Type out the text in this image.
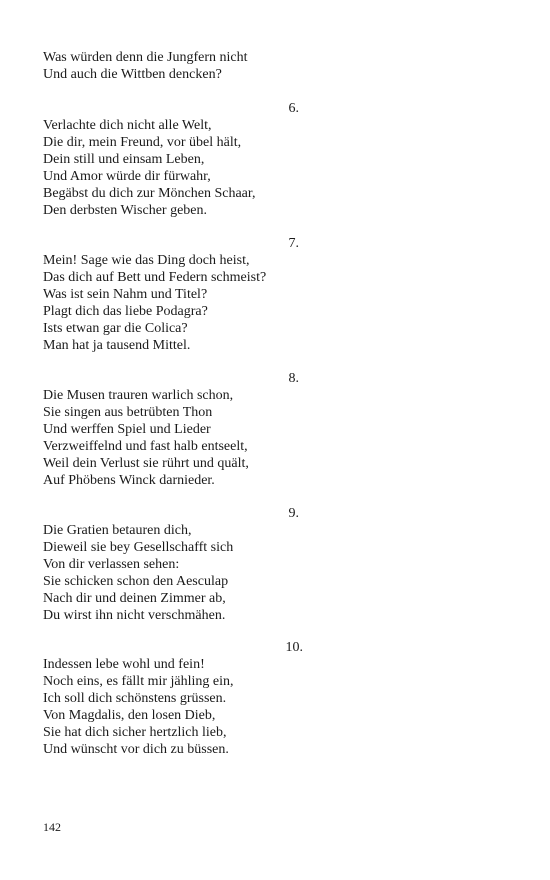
Was würden denn die Jungfern nicht
Und auch die Wittben dencken?
6.
Verlachte dich nicht alle Welt,
Die dir, mein Freund, vor übel hält,
Dein still und einsam Leben,
Und Amor würde dir fürwahr,
Begäbst du dich zur Mönchen Schaar,
Den derbsten Wischer geben.
7.
Mein! Sage wie das Ding doch heist,
Das dich auf Bett und Federn schmeist?
Was ist sein Nahm und Titel?
Plagt dich das liebe Podagra?
Ists etwan gar die Colica?
Man hat ja tausend Mittel.
8.
Die Musen trauren warlich schon,
Sie singen aus betrübten Thon
Und werffen Spiel und Lieder
Verzweiffelnd und fast halb entseelt,
Weil dein Verlust sie rührt und quält,
Auf Phöbens Winck darnieder.
9.
Die Gratien betauren dich,
Dieweil sie bey Gesellschafft sich
Von dir verlassen sehen:
Sie schicken schon den Aesculap
Nach dir und deinen Zimmer ab,
Du wirst ihn nicht verschmähen.
10.
Indessen lebe wohl und fein!
Noch eins, es fällt mir jähling ein,
Ich soll dich schönstens grüssen.
Von Magdalis, den losen Dieb,
Sie hat dich sicher hertzlich lieb,
Und wünscht vor dich zu büssen.
142
